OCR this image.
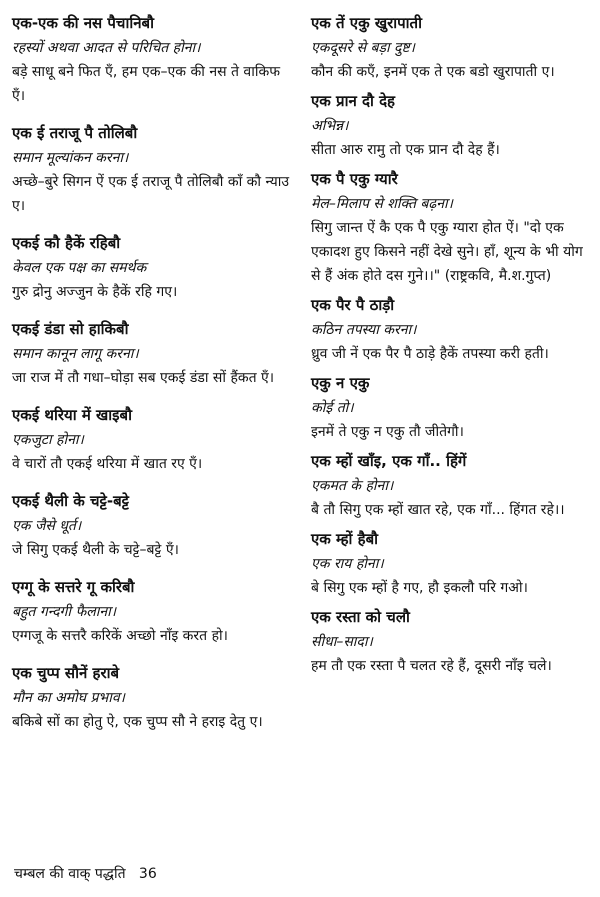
एक-एक की नस पैचानिबौ

रहस्यों अथवा आदत से परिचित होना।

बड़े साधू बने फित एँ, हम एक–एक की नस ते वाकिफ एँ।

एक ई तराजू पै तोलिबौ

समान मूल्यांकन करना।

अच्छे–बुरे सिगन ऐं एक ई तराजू पै तोलिबौ काँ कौ न्याउ ए।

एकई कौ हैकें रहिबौ

केवल एक पक्ष का समर्थक

गुरु द्रोनु अज्जुन के हैकें रहि गए।

एकई डंडा सो हाकिबौ

समान कानून लागू करना।

जा राज में तौ गधा–घोड़ा सब एकई डंडा सों हैंकत एँ।

एकई थरिया में खाइबौ

एकजुटा होना।

वे चारों तौ एकई थरिया में खात रए एँ।

एकई थैली के चट्टे-बट्टे

एक जैसे धूर्त।

जे सिगु एकई थैली के चट्टे–बट्टे एँ।

एग्गू के सत्तरे गू करिबौ

बहुत गन्दगी फैलाना।

एग्गजू के सत्तरै करिकें अच्छो नाँइ करत हो।

एक चुप्प सौनें हराबे

मौन का अमोघ प्रभाव।

बकिबे सों का होतु ऐ, एक चुप्प सौ ने हराइ देतु ए।

एक तें एकु खुरापाती

एकदूसरे से बड़ा दुष्ट।

कौन की कएँ, इनमें एक ते एक बडो खुरापाती ए।

एक प्रान दौ देह

अभिन्न।

सीता आरु रामु तो एक प्रान दौ देह हैं।

एक पै एकु ग्यारै

मेल–मिलाप से शक्ति बढ़ना।

सिगु जान्त ऐं कै एक पै एकु ग्यारा होत ऐं। "दो एक एकादश हुए किसने नहीं देखे सुने। हाँ, शून्य के भी योग से हैं अंक होते दस गुने।।" (राष्ट्रकवि, मै.श.गुप्त)

एक पैर पै ठाड़ौ

कठिन तपस्या करना।

ध्रुव जी नें एक पैर पै ठाड़े हैकें तपस्या करी हती।

एकु न एकु

कोई तो।

इनमें ते एकु न एकु तौ जीतेगौ।

एक म्हों खाँइ, एक गाँ.. हिंगें

एकमत के होना।

बै तौ सिगु एक म्हों खात रहे, एक गाँ... हिंगत रहे।।

एक म्हों हैबौ

एक राय होना।

बे सिगु एक म्हों है गए, हौ इकलौ परि गओ।

एक रस्ता को चलौ

सीधा–सादा।

हम तौ एक रस्ता पै चलत रहे हैं, दूसरी नाँइ चले।

चम्बल की वाक् पद्धति 36
